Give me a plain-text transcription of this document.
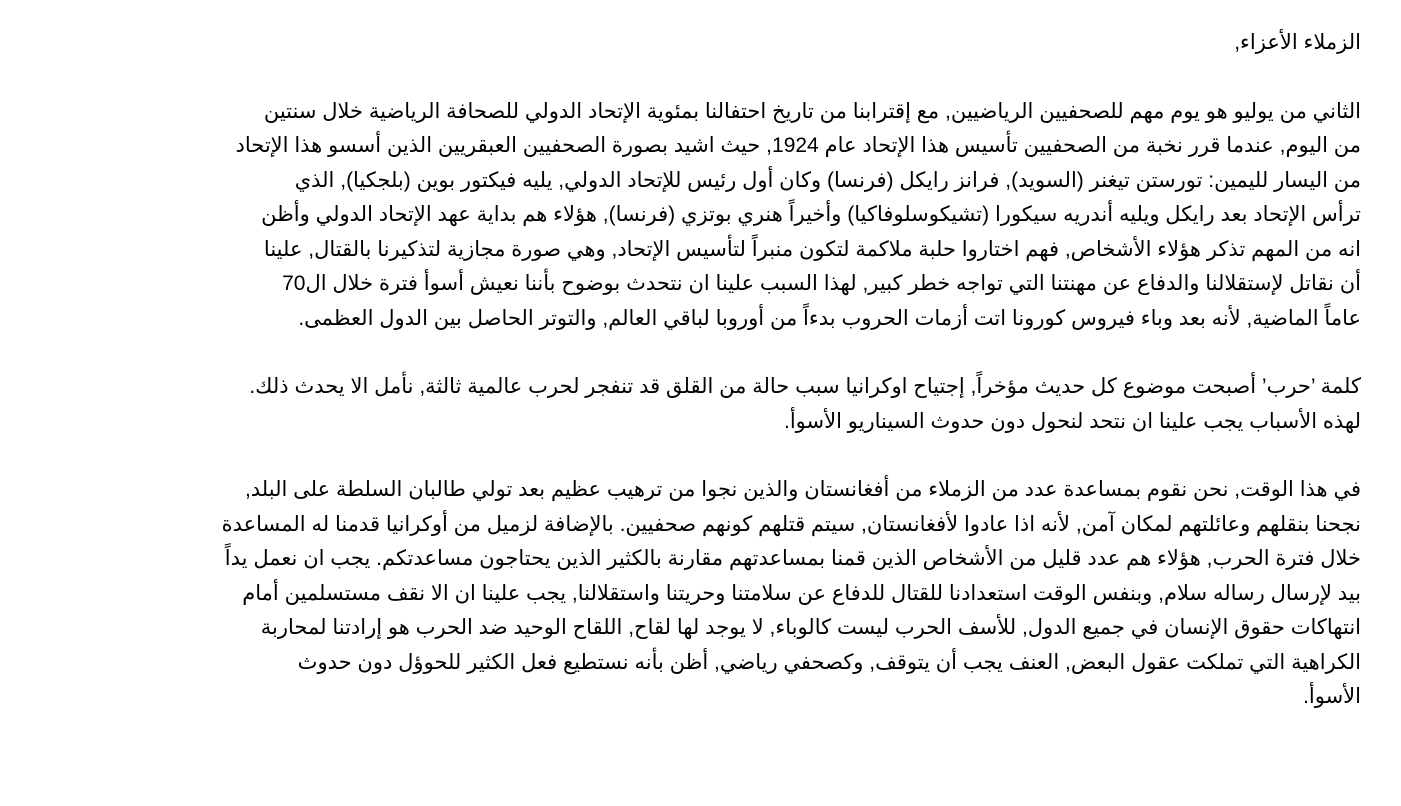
الزملاء الأعزاء,
الثاني من يوليو هو يوم مهم للصحفيين الرياضيين, مع إقترابنا من تاريخ احتفالنا بمئوية الإتحاد الدولي للصحافة الرياضية خلال سنتين
من اليوم, عندما قرر نخبة من الصحفيين تأسيس هذا الإتحاد عام 1924, حيث اشيد بصورة الصحفيين العبقريين الذين أسسو هذا الإتحاد
من اليسار لليمين: تورستن تيغنر (السويد), فرانز رايكل (فرنسا) وكان أول رئيس للإتحاد الدولي, يليه فيكتور بوين (بلجكيا), الذي
ترأس الإتحاد بعد رايكل ويليه أندريه سيكورا (تشيكوسلوفاكيا) وأخيراً هنري بوتزي (فرنسا), هؤلاء هم بداية عهد الإتحاد الدولي وأظن
انه من المهم تذكر هؤلاء الأشخاص, فهم اختاروا حلبة ملاكمة لتكون منبراً لتأسيس الإتحاد, وهي صورة مجازية لتذكيرنا بالقتال, علينا
أن نقاتل لإستقلالنا والدفاع عن مهنتنا التي تواجه خطر كبير, لهذا السبب علينا ان نتحدث بوضوح بأننا نعيش أسوأ فترة خلال ال70
عاماً الماضية, لأنه بعد وباء فيروس كورونا اتت أزمات الحروب بدءاً من أوروبا لباقي العالم, والتوتر الحاصل بين الدول العظمى.
كلمة ’حرب’ أصبحت موضوع كل حديث مؤخراً, إجتياح اوكرانيا سبب حالة من القلق قد تنفجر لحرب عالمية ثالثة, نأمل الا يحدث ذلك.
لهذه الأسباب يجب علينا ان نتحد لنحول دون حدوث السيناريو الأسوأ.
في هذا الوقت, نحن نقوم بمساعدة عدد من الزملاء من أفغانستان والذين نجوا من ترهيب عظيم بعد تولي طالبان السلطة على البلد,
نجحنا بنقلهم وعائلتهم لمكان آمن, لأنه اذا عادوا لأفغانستان, سيتم قتلهم كونهم صحفيين. بالإضافة لزميل من أوكرانيا قدمنا له المساعدة
خلال فترة الحرب, هؤلاء هم عدد قليل من الأشخاص الذين قمنا بمساعدتهم مقارنة بالكثير الذين يحتاجون مساعدتكم. يجب ان نعمل يداً
بيد لإرسال رساله سلام, وبنفس الوقت استعدادنا للقتال للدفاع عن سلامتنا وحريتنا واستقلالنا, يجب علينا ان الا نقف مستسلمين أمام
انتهاكات حقوق الإنسان في جميع الدول, للأسف الحرب ليست كالوباء, لا يوجد لها لقاح, اللقاح الوحيد ضد الحرب هو إرادتنا لمحاربة
الكراهية التي تملكت عقول البعض, العنف يجب أن يتوقف, وكصحفي رياضي, أظن بأنه نستطيع فعل الكثير للحوؤل دون حدوث
الأسوأ.
